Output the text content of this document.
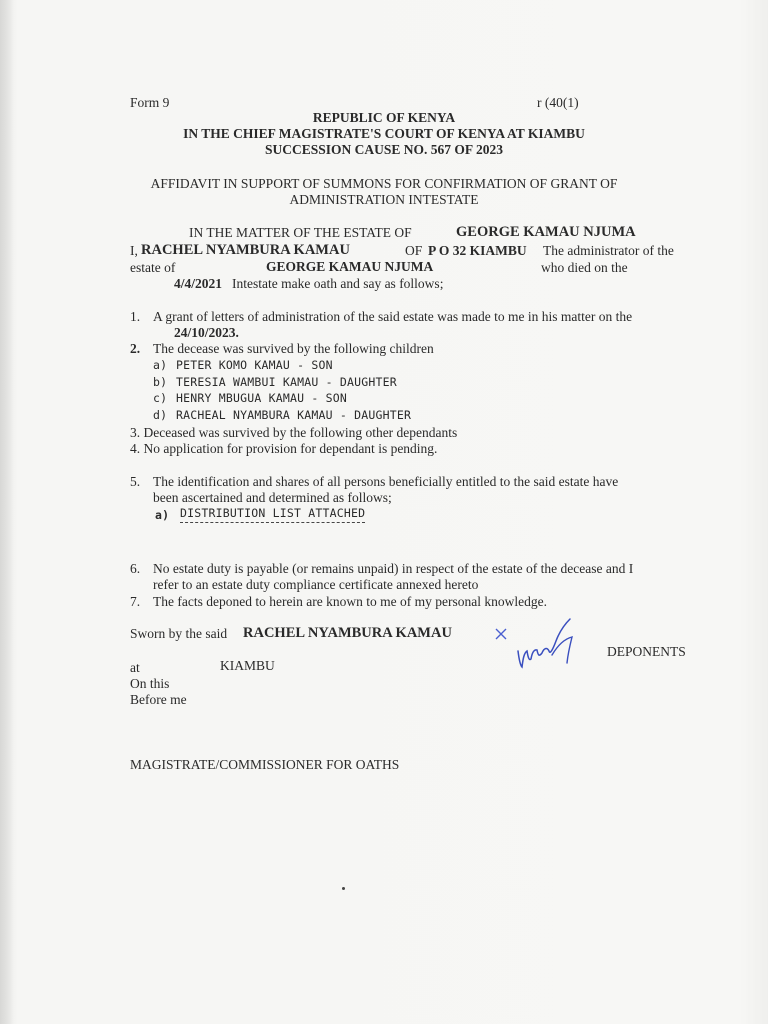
Form 9	r (40(1)
REPUBLIC OF KENYA
IN THE CHIEF MAGISTRATE'S COURT OF KENYA AT KIAMBU
SUCCESSION CAUSE NO. 567 OF 2023
AFFIDAVIT IN SUPPORT OF SUMMONS FOR CONFIRMATION OF GRANT OF
ADMINISTRATION INTESTATE
IN THE MATTER OF THE ESTATE OF	GEORGE KAMAU NJUMA
I, RACHEL NYAMBURA KAMAU	OF P O 32 KIAMBU The administrator of the
estate of	GEORGE KAMAU NJUMA	who died on the
4/4/2021 Intestate make oath and say as follows;
1. A grant of letters of administration of the said estate was made to me in his matter on the
24/10/2023.
2. The decease was survived by the following children
a) PETER KOMO KAMAU - SON
b) TERESIA WAMBUI KAMAU - DAUGHTER
c) HENRY MBUGUA KAMAU - SON
d) RACHEAL NYAMBURA KAMAU - DAUGHTER
3. Deceased was survived by the following other dependants
4. No application for provision for dependant is pending.
5. The identification and shares of all persons beneficially entitled to the said estate have
been ascertained and determined as follows;
a) DISTRIBUTION LIST ATTACHED
6. No estate duty is payable (or remains unpaid) in respect of the estate of the decease and I
refer to an estate duty compliance certificate annexed hereto
7. The facts deponed to herein are known to me of my personal knowledge.
Sworn by the said RACHEL NYAMBURA KAMAU
DEPONENTS
at	KIAMBU
On this
Before me
MAGISTRATE/COMMISSIONER FOR OATHS
